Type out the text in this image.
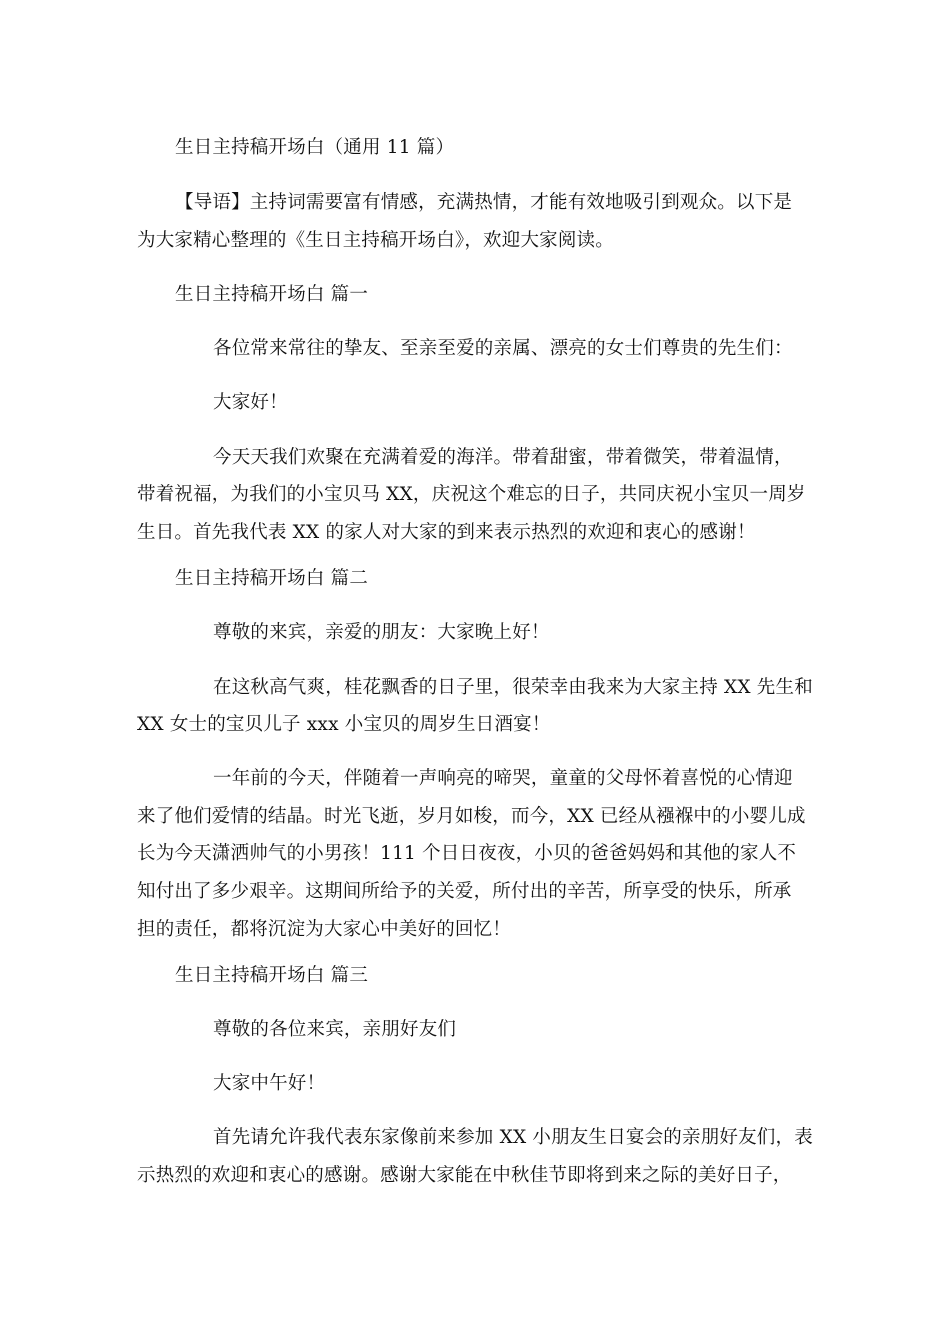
生日主持稿开场白（通用 11 篇）
【导语】主持词需要富有情感，充满热情，才能有效地吸引到观众。以下是
为大家精心整理的《生日主持稿开场白》，欢迎大家阅读。
生日主持稿开场白 篇一
各位常来常往的挚友、至亲至爱的亲属、漂亮的女士们尊贵的先生们：
大家好！
今天天我们欢聚在充满着爱的海洋。带着甜蜜，带着微笑，带着温情，
带着祝福，为我们的小宝贝马 XX，庆祝这个难忘的日子，共同庆祝小宝贝一周岁
生日。首先我代表 XX 的家人对大家的到来表示热烈的欢迎和衷心的感谢！
生日主持稿开场白 篇二
尊敬的来宾，亲爱的朋友：大家晚上好！
在这秋高气爽，桂花飘香的日子里，很荣幸由我来为大家主持 XX 先生和
XX 女士的宝贝儿子 xxx 小宝贝的周岁生日酒宴！
一年前的今天，伴随着一声响亮的啼哭，童童的父母怀着喜悦的心情迎
来了他们爱情的结晶。时光飞逝，岁月如梭，而今，XX 已经从襁褓中的小婴儿成
长为今天潇洒帅气的小男孩！111 个日日夜夜，小贝的爸爸妈妈和其他的家人不
知付出了多少艰辛。这期间所给予的关爱，所付出的辛苦，所享受的快乐，所承
担的责任，都将沉淀为大家心中美好的回忆！
生日主持稿开场白 篇三
尊敬的各位来宾，亲朋好友们
大家中午好！
首先请允许我代表东家像前来参加 XX 小朋友生日宴会的亲朋好友们，表
示热烈的欢迎和衷心的感谢。感谢大家能在中秋佳节即将到来之际的美好日子，
